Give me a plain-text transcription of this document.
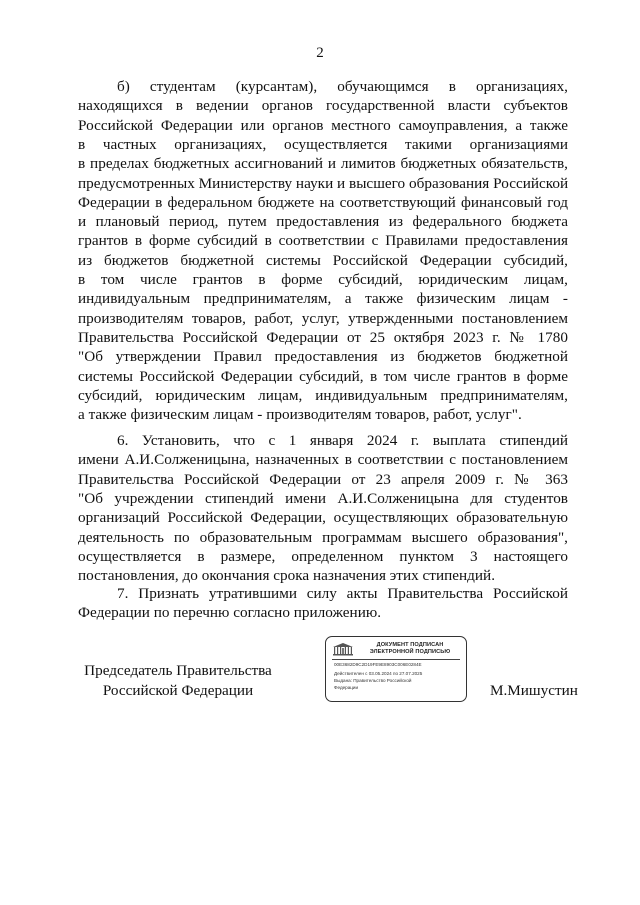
2
б) студентам (курсантам), обучающимся в организациях,
находящихся в ведении органов государственной власти субъектов
Российской Федерации или органов местного самоуправления, а также
в частных организациях, осуществляется такими организациями
в пределах бюджетных ассигнований и лимитов бюджетных обязательств,
предусмотренных Министерству науки и высшего образования Российской
Федерации в федеральном бюджете на соответствующий финансовый год
и плановый период, путем предоставления из федерального бюджета
грантов в форме субсидий в соответствии с Правилами предоставления
из бюджетов бюджетной системы Российской Федерации субсидий,
в том числе грантов в форме субсидий, юридическим лицам,
индивидуальным предпринимателям, а также физическим лицам -
производителям товаров, работ, услуг, утвержденными постановлением
Правительства Российской Федерации от 25 октября 2023 г. № 1780
"Об утверждении Правил предоставления из бюджетов бюджетной
системы Российской Федерации субсидий, в том числе грантов в форме
субсидий, юридическим лицам, индивидуальным предпринимателям,
а также физическим лицам - производителям товаров, работ, услуг".
6. Установить, что с 1 января 2024 г. выплата стипендий
имени А.И.Солженицына, назначенных в соответствии с постановлением
Правительства Российской Федерации от 23 апреля 2009 г. № 363
"Об учреждении стипендий имени А.И.Солженицына для студентов
организаций Российской Федерации, осуществляющих образовательную
деятельность по образовательным программам высшего образования",
осуществляется в размере, определенном пунктом 3 настоящего
постановления, до окончания срока назначения этих стипендий.
7. Признать утратившими силу акты Правительства Российской
Федерации по перечню согласно приложению.
Председатель Правительства
Российской Федерации
ДОКУМЕНТ ПОДПИСАН
ЭЛЕКТРОННОЙ ПОДПИСЬЮ
00E3682D9C2D19FE9E8903C006E0284E
Действителен с 03.05.2024 по 27.07.2025
Выдана: Правительство Российской
Федерации	М.Мишустин
